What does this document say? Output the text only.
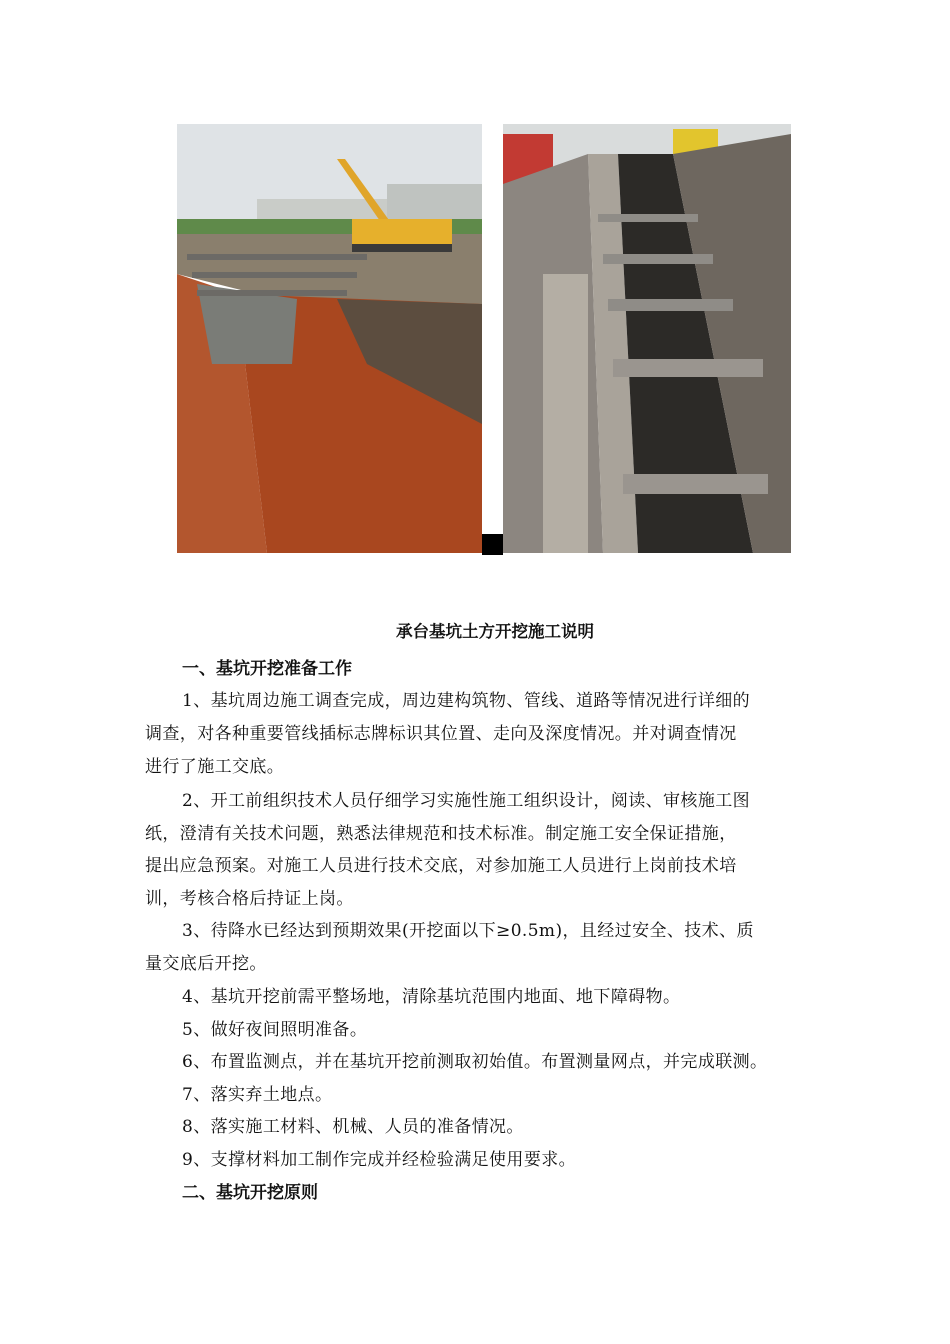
承台基坑土方开挖施工说明
一、基坑开挖准备工作
1、基坑周边施工调查完成，周边建构筑物、管线、道路等情况进行详细的
调查，对各种重要管线插标志牌标识其位置、走向及深度情况。并对调查情况
进行了施工交底。
2、开工前组织技术人员仔细学习实施性施工组织设计，阅读、审核施工图
纸，澄清有关技术问题，熟悉法律规范和技术标准。制定施工安全保证措施，
提出应急预案。对施工人员进行技术交底，对参加施工人员进行上岗前技术培
训，考核合格后持证上岗。
3、待降水已经达到预期效果(开挖面以下≥0.5m)，且经过安全、技术、质
量交底后开挖。
4、基坑开挖前需平整场地，清除基坑范围内地面、地下障碍物。
5、做好夜间照明准备。
6、布置监测点，并在基坑开挖前测取初始值。布置测量网点，并完成联测。
7、落实弃土地点。
8、落实施工材料、机械、人员的准备情况。
9、支撑材料加工制作完成并经检验满足使用要求。
二、基坑开挖原则
